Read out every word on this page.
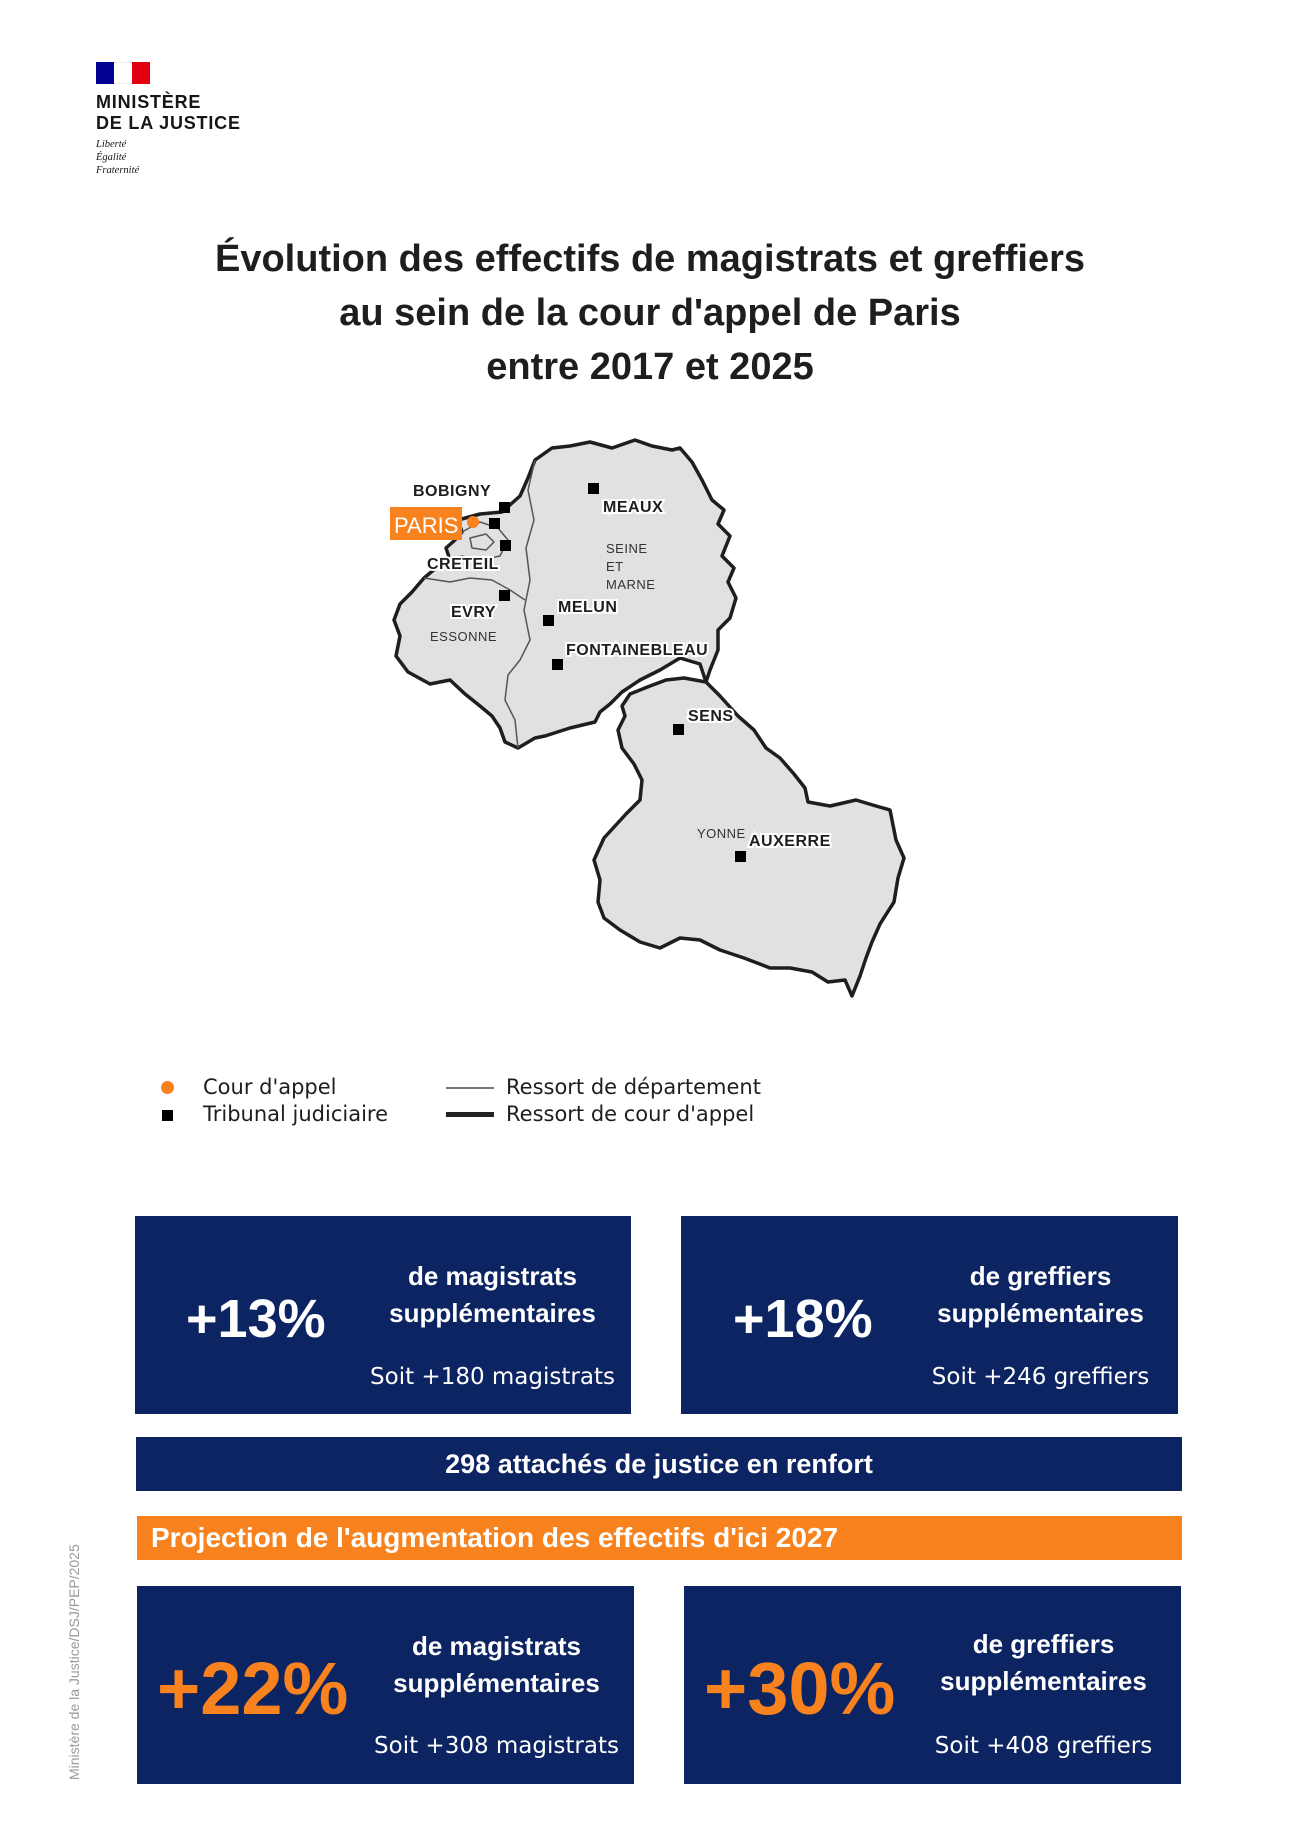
MINISTÈRE
DE LA JUSTICE
Liberté
Égalité
Fraternité
Évolution des effectifs de magistrats et greffiers
au sein de la cour d'appel de Paris
entre 2017 et 2025
PARIS
BOBIGNY
MEAUX
CRETEIL
EVRY	MELUN
FONTAINEBLEAU
SENS
AUXERRE
SEINE
ET
MARNE
ESSONNE
YONNE
Cour d'appel
Tribunal judiciaire
Ressort de département
Ressort de cour d'appel
+13%
de magistrats
supplémentaires
Soit +180 magistrats
+18%
de greffiers
supplémentaires
Soit +246 greffiers
298 attachés de justice en renfort
Projection de l'augmentation des effectifs d'ici 2027
+22%
de magistrats
supplémentaires
Soit +308 magistrats
+30%
de greffiers
supplémentaires
Soit +408 greffiers
Ministère de la Justice/DSJ/PEP/2025
